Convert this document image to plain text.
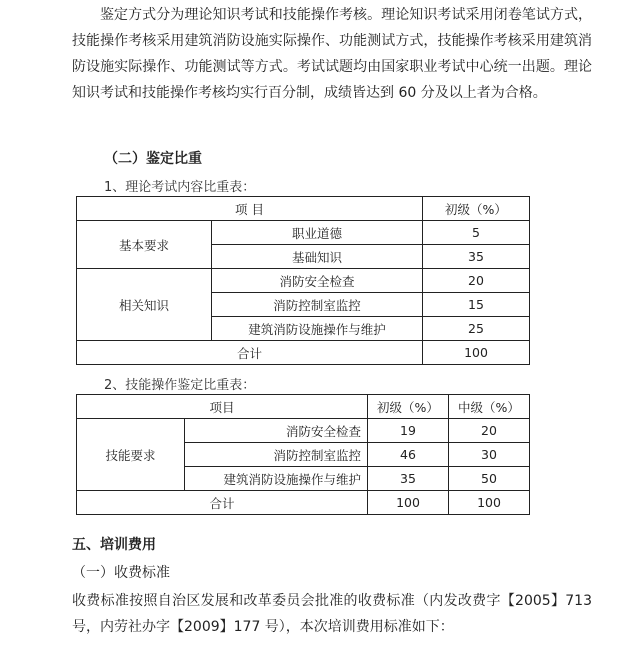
鉴定方式分为理论知识考试和技能操作考核。理论知识考试采用闭卷笔试方式，技能操作考核采用建筑消防设施实际操作、功能测试方式，技能操作考核采用建筑消防设施实际操作、功能测试等方式。考试试题均由国家职业考试中心统一出题。理论知识考试和技能操作考核均实行百分制，成绩皆达到 60 分及以上者为合格。

（二）鉴定比重

1、理论考试内容比重表：

项 目		初级（%）
基本要求	职业道德	5
	基础知识	35
相关知识	消防安全检查	20
	消防控制室监控	15
	建筑消防设施操作与维护	25
合计		100

2、技能操作鉴定比重表：

项目		初级（%）	中级（%）
技能要求	消防安全检查	19	20
	消防控制室监控	46	30
	建筑消防设施操作与维护	35	50
合计		100	100

五、培训费用

（一）收费标准

收费标准按照自治区发展和改革委员会批准的收费标准（内发改费字【2005】713 号，内劳社办字【2009】177 号），本次培训费用标准如下：
